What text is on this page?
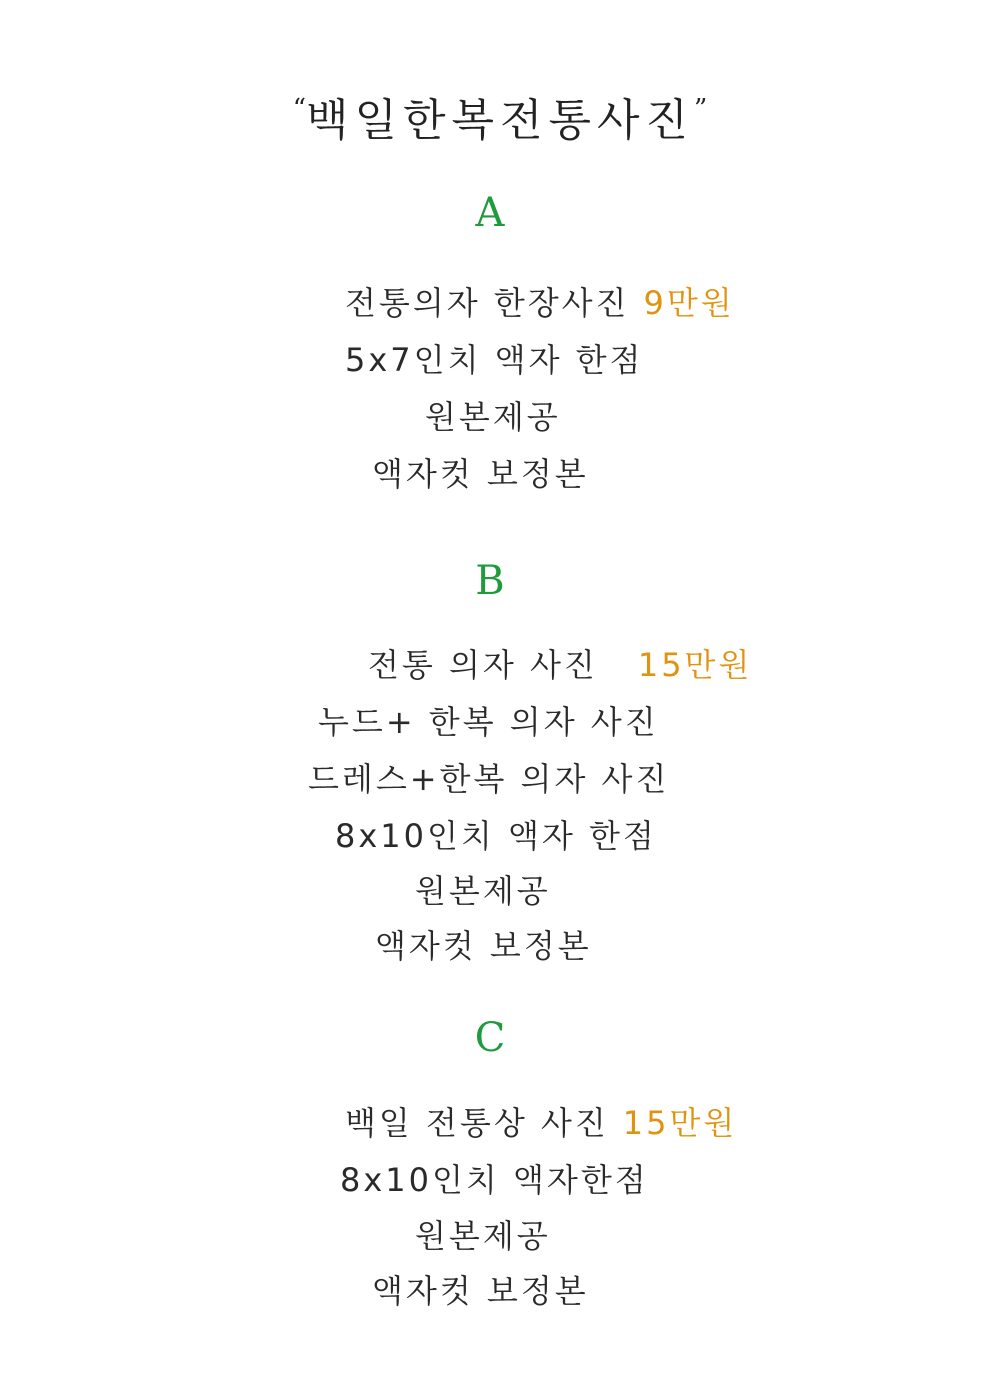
“백일한복전통사진”
A
전통의자 한장사진 9만원
5x7인치 액자 한점
원본제공
액자컷 보정본
B
전통 의자 사진 15만원
누드+ 한복 의자 사진
드레스+한복 의자 사진
8x10인치 액자 한점
원본제공
액자컷 보정본
C
백일 전통상 사진 15만원
8x10인치 액자한점
원본제공
액자컷 보정본
